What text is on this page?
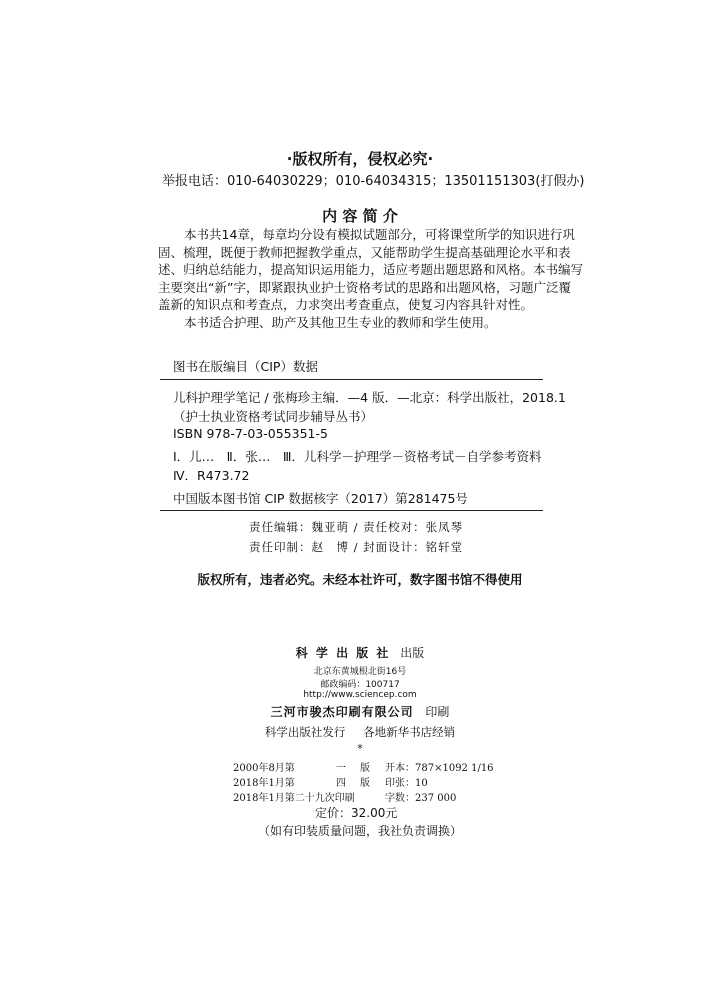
·版权所有，侵权必究·
举报电话：010-64030229；010-64034315；13501151303(打假办)
内 容 简 介
本书共14章，每章均分设有模拟试题部分，可将课堂所学的知识进行巩
固、梳理，既便于教师把握教学重点，又能帮助学生提高基础理论水平和表
述、归纳总结能力，提高知识运用能力，适应考题出题思路和风格。本书编写
主要突出“新”字，即紧跟执业护士资格考试的思路和出题风格，习题广泛覆
盖新的知识点和考查点，力求突出考查重点，使复习内容具针对性。
本书适合护理、助产及其他卫生专业的教师和学生使用。
图书在版编目（CIP）数据
儿科护理学笔记 / 张梅珍主编．—4 版．—北京：科学出版社，2018.1
（护士执业资格考试同步辅导丛书）
ISBN 978-7-03-055351-5
Ⅰ．儿…　Ⅱ．张…　Ⅲ．儿科学－护理学－资格考试－自学参考资料
Ⅳ．R473.72
中国版本图书馆 CIP 数据核字（2017）第281475号
责任编辑：魏亚萌 / 责任校对：张凤琴
责任印制：赵　博 / 封面设计：铭轩堂
版权所有，违者必究。未经本社许可，数字图书馆不得使用
科 学 出 版 社 出版
北京东黄城根北街16号
邮政编码：100717
http://www.sciencep.com
三河市骏杰印刷有限公司 印刷
科学出版社发行 各地新华书店经销
*
2000年8月第	一 版 开本：787×1092 1/16
2018年1月第	四 版 印张：10
2018年1月第二十九次印刷	字数：237 000
定价：32.00元
（如有印装质量问题，我社负责调换）
